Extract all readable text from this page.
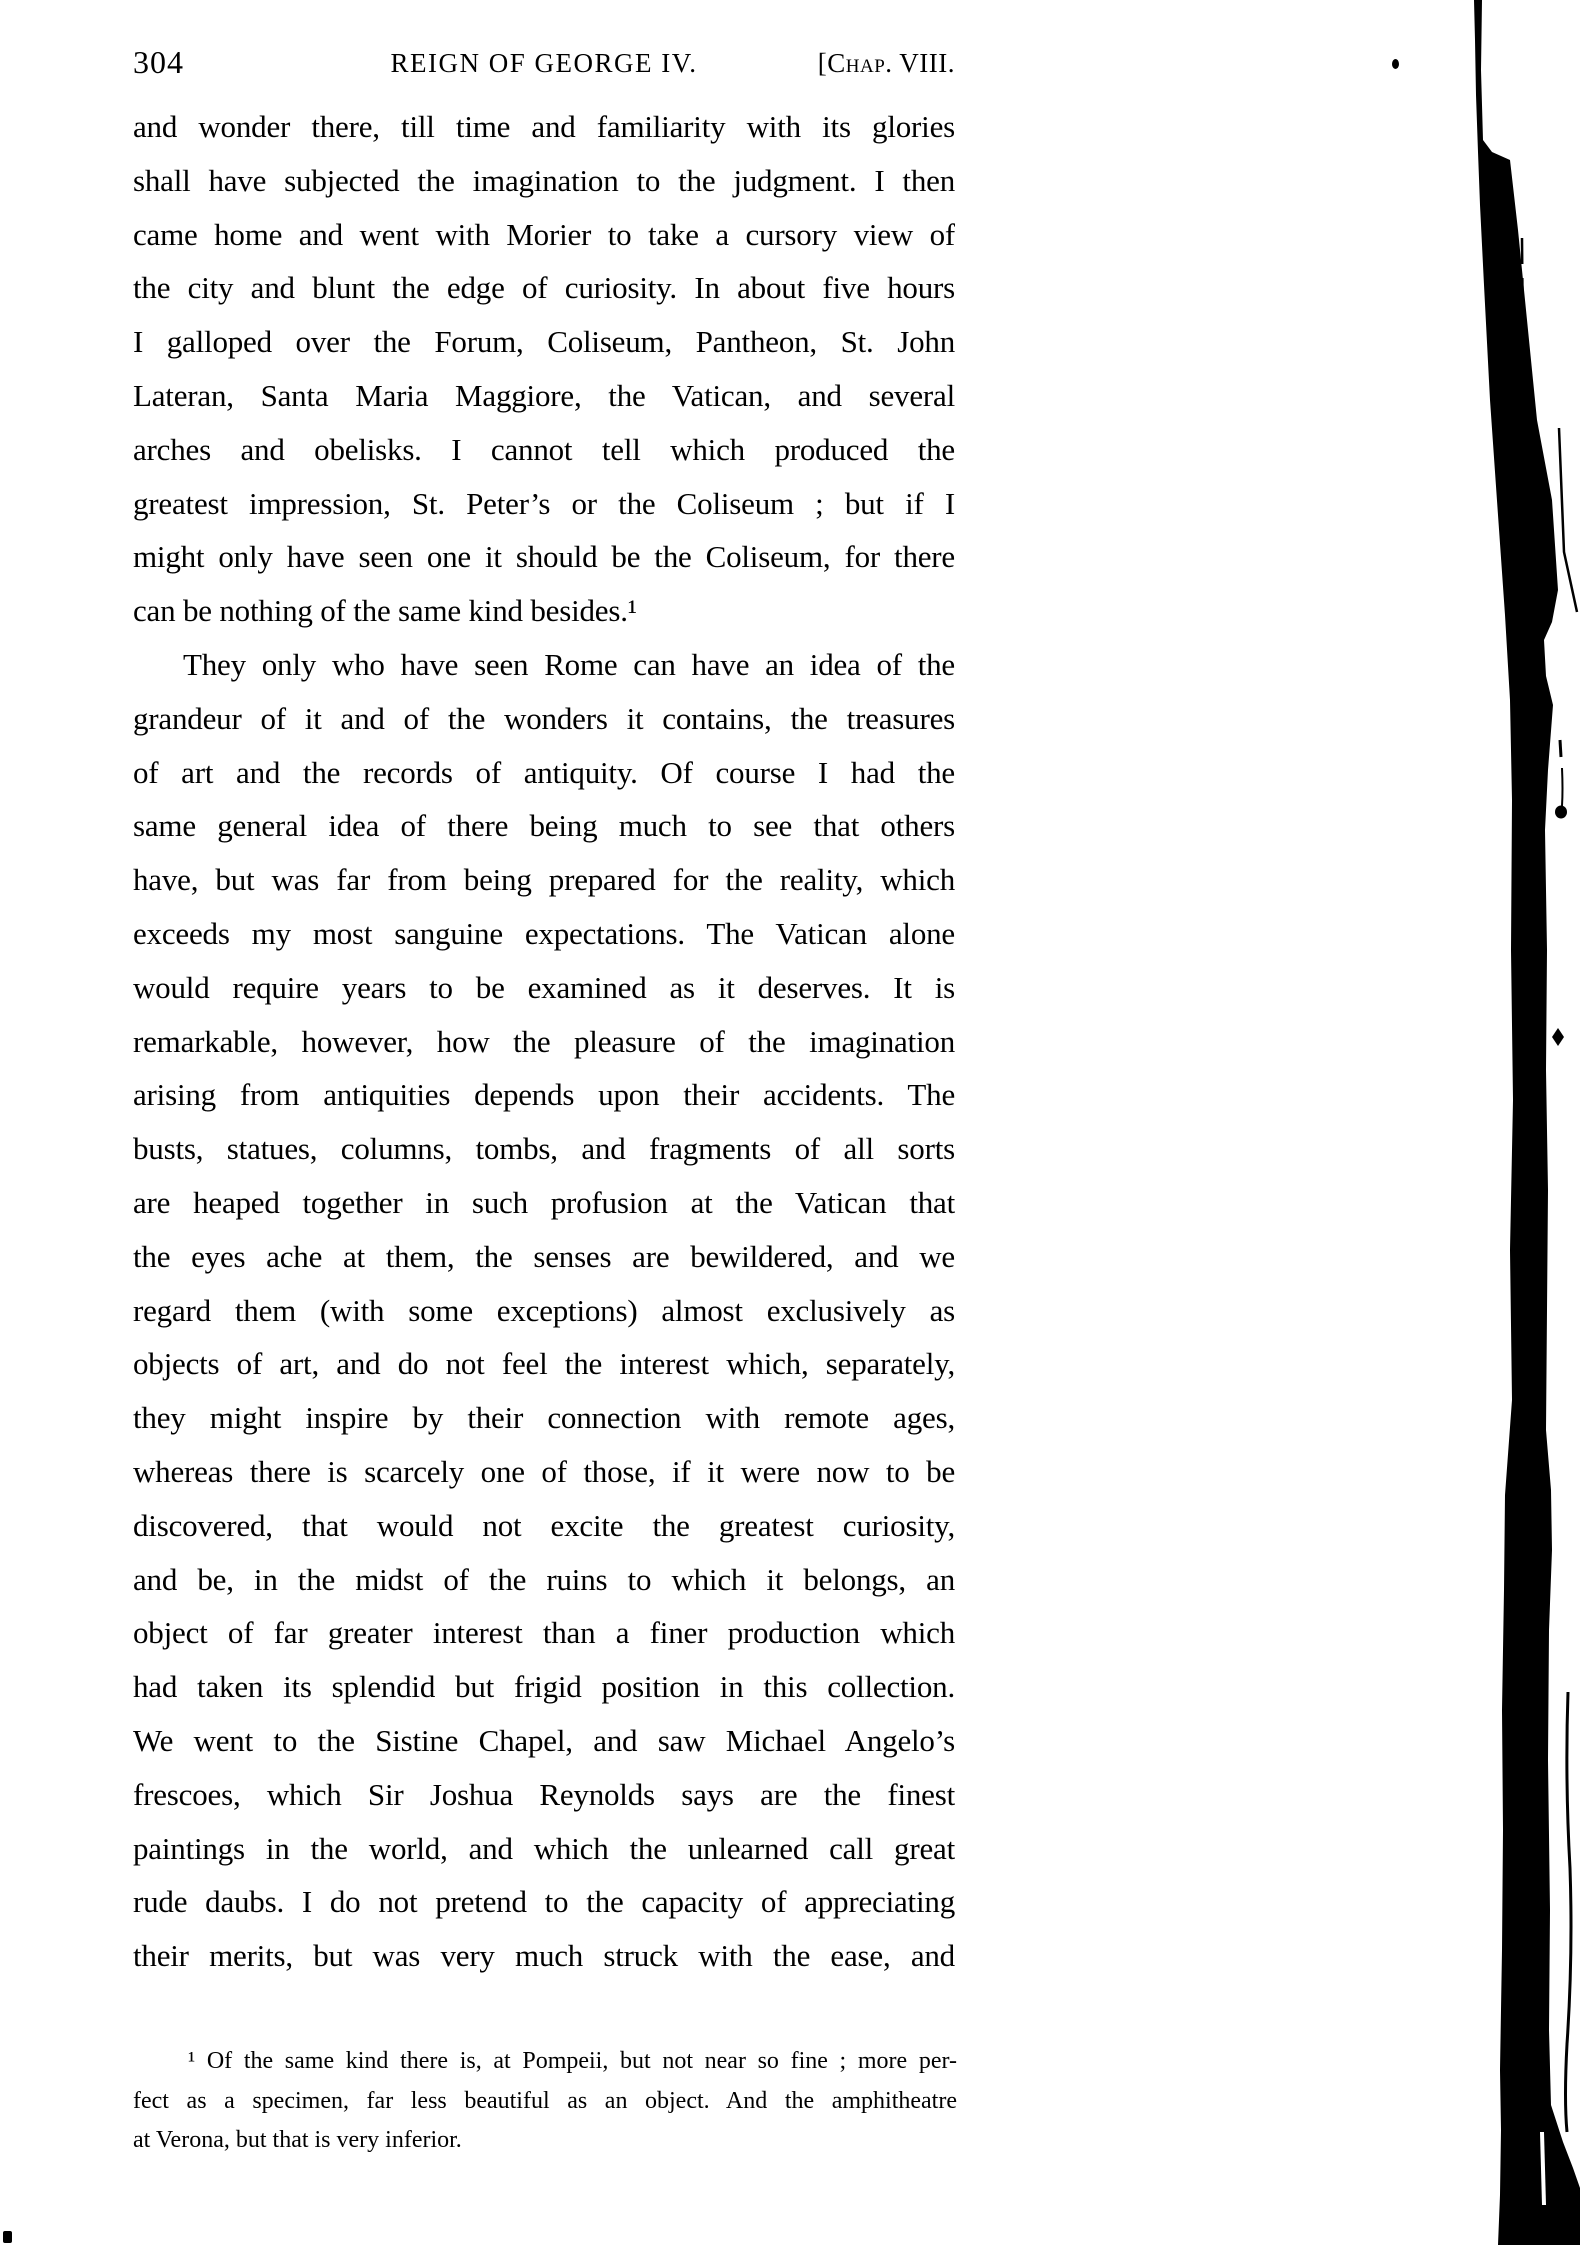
304	REIGN OF GEORGE IV.	[Chap. VIII.
and wonder there, till time and familiarity with its glories
shall have subjected the imagination to the judgment. I then
came home and went with Morier to take a cursory view of
the city and blunt the edge of curiosity. In about five hours
I galloped over the Forum, Coliseum, Pantheon, St. John
Lateran, Santa Maria Maggiore, the Vatican, and several
arches and obelisks. I cannot tell which produced the
greatest impression, St. Peter’s or the Coliseum ; but if I
might only have seen one it should be the Coliseum, for there
can be nothing of the same kind besides.¹
They only who have seen Rome can have an idea of the
grandeur of it and of the wonders it contains, the treasures
of art and the records of antiquity. Of course I had the
same general idea of there being much to see that others
have, but was far from being prepared for the reality, which
exceeds my most sanguine expectations. The Vatican alone
would require years to be examined as it deserves. It is
remarkable, however, how the pleasure of the imagination
arising from antiquities depends upon their accidents. The
busts, statues, columns, tombs, and fragments of all sorts
are heaped together in such profusion at the Vatican that
the eyes ache at them, the senses are bewildered, and we
regard them (with some exceptions) almost exclusively as
objects of art, and do not feel the interest which, separately,
they might inspire by their connection with remote ages,
whereas there is scarcely one of those, if it were now to be
discovered, that would not excite the greatest curiosity,
and be, in the midst of the ruins to which it belongs, an
object of far greater interest than a finer production which
had taken its splendid but frigid position in this collection.
We went to the Sistine Chapel, and saw Michael Angelo’s
frescoes, which Sir Joshua Reynolds says are the finest
paintings in the world, and which the unlearned call great
rude daubs. I do not pretend to the capacity of appreciating
their merits, but was very much struck with the ease, and
¹ Of the same kind there is, at Pompeii, but not near so fine ; more per-
fect as a specimen, far less beautiful as an object. And the amphitheatre
at Verona, but that is very inferior.
